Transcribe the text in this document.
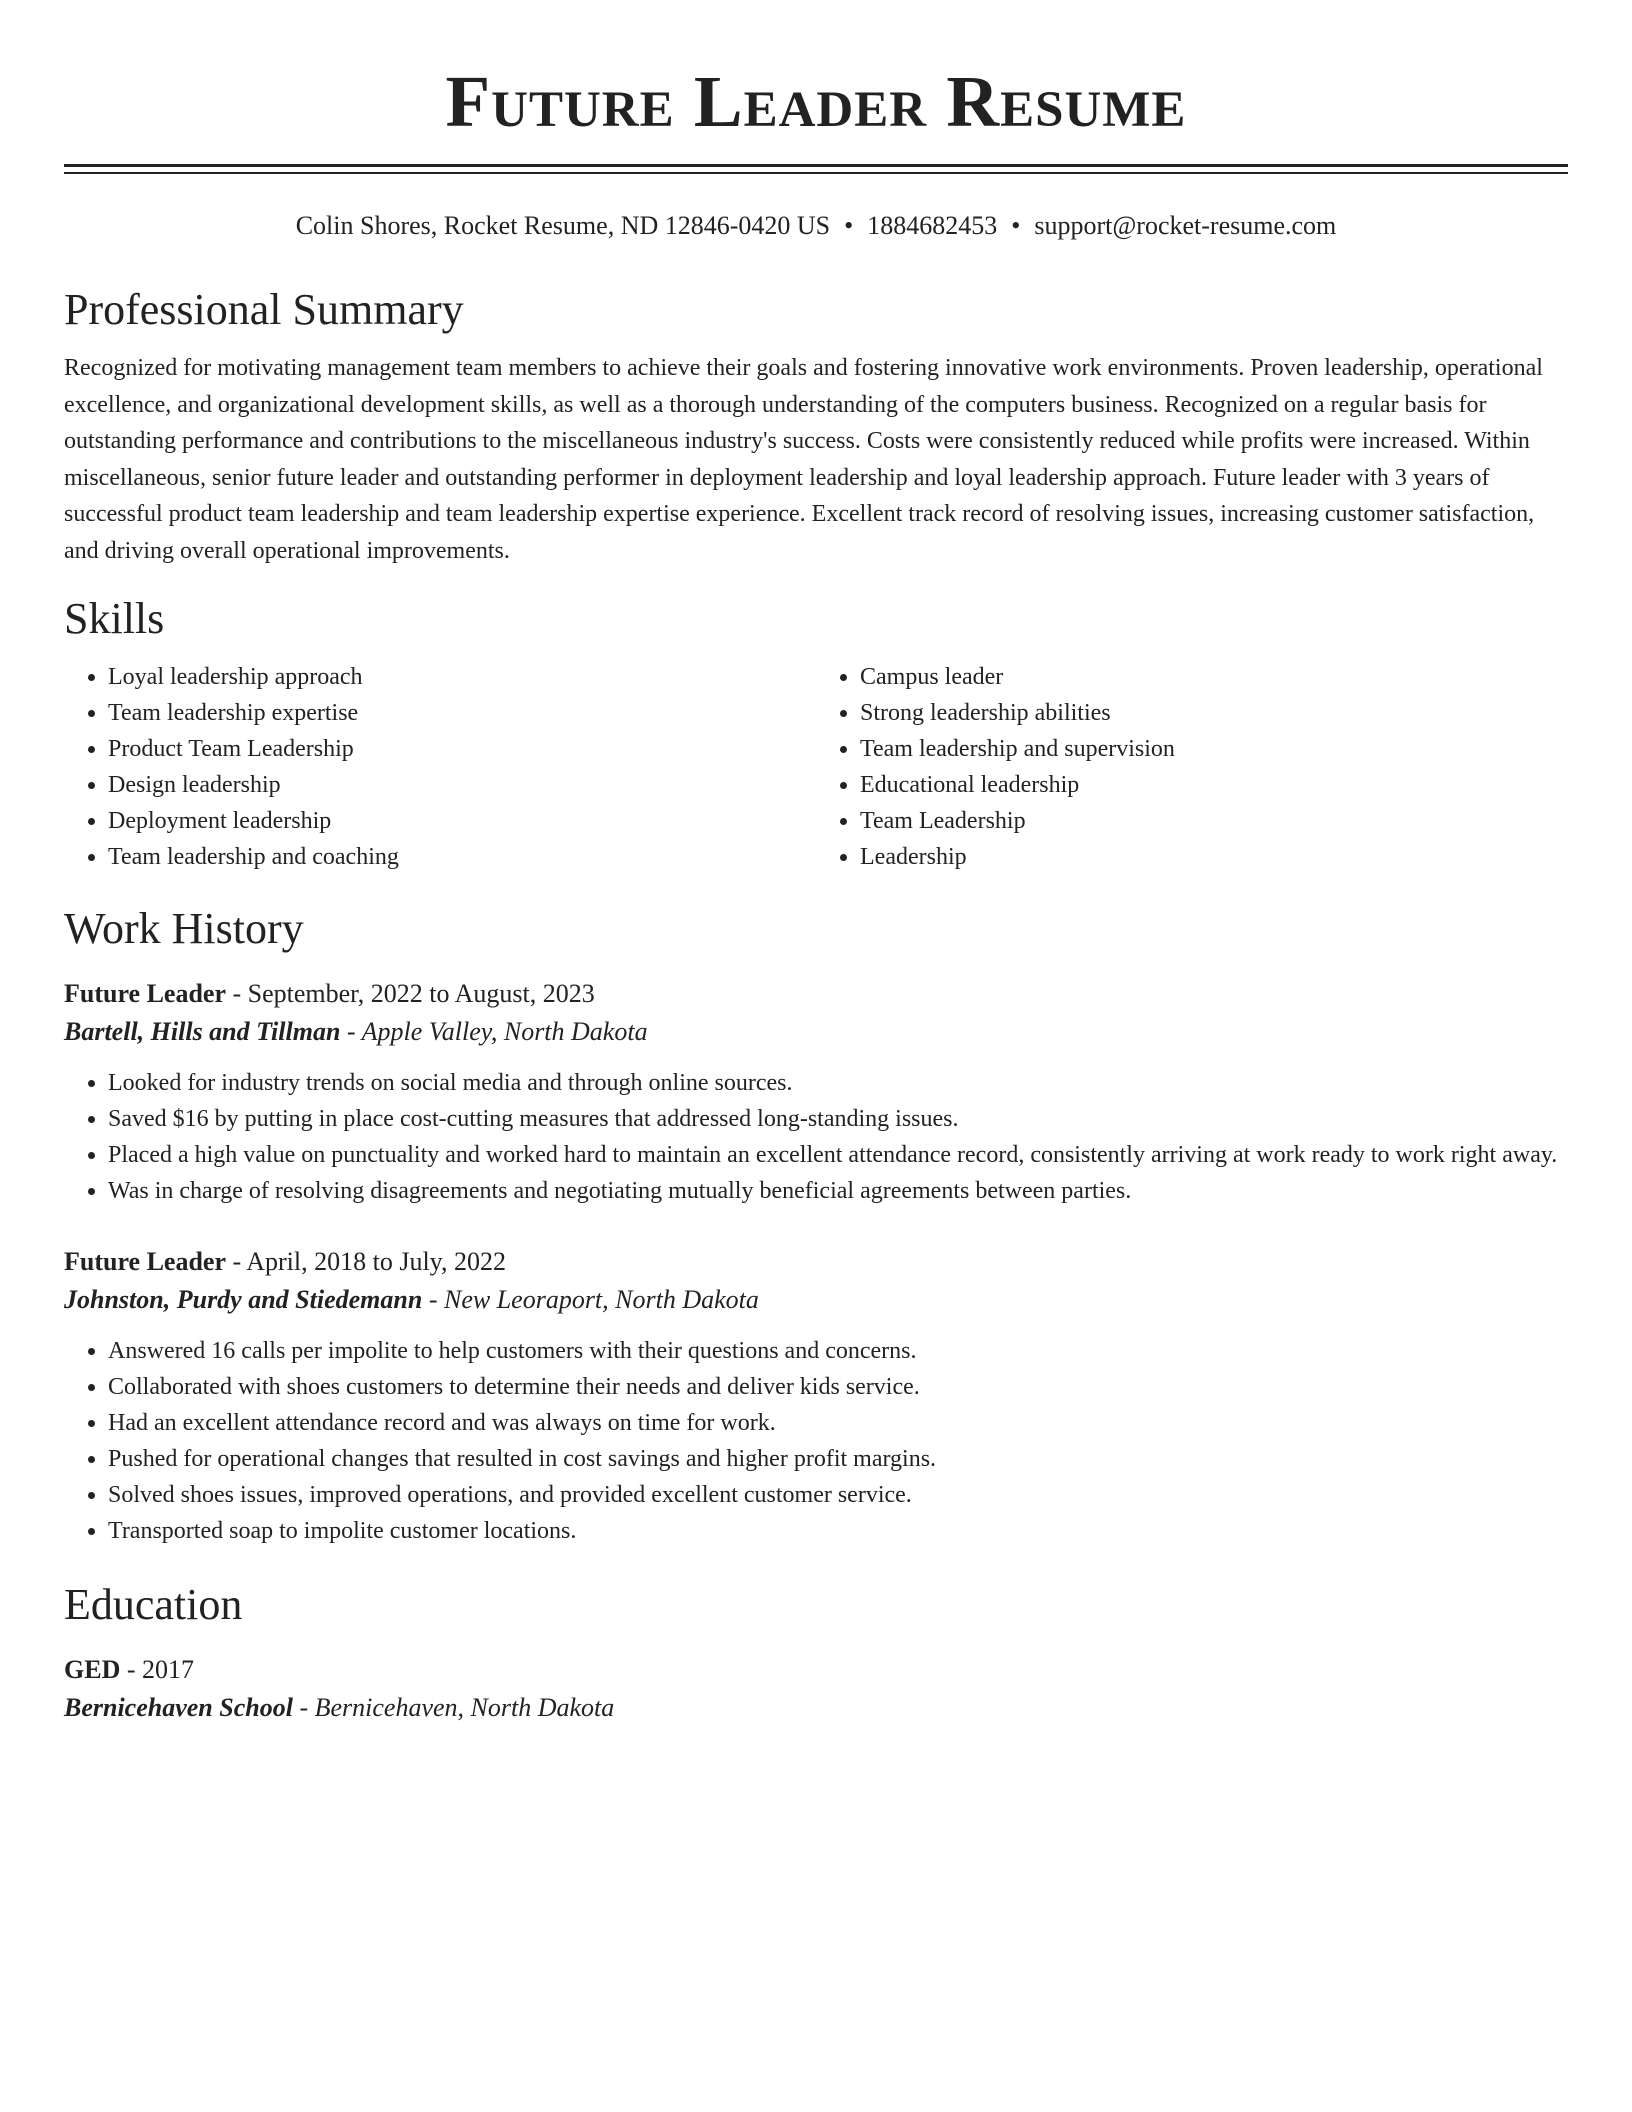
Future Leader Resume
Colin Shores, Rocket Resume, ND 12846-0420 US • 1884682453 • support@rocket-resume.com
Professional Summary

Recognized for motivating management team members to achieve their goals and fostering innovative work environments. Proven leadership, operational excellence, and organizational development skills, as well as a thorough understanding of the computers business. Recognized on a regular basis for outstanding performance and contributions to the miscellaneous industry's success. Costs were consistently reduced while profits were increased. Within miscellaneous, senior future leader and outstanding performer in deployment leadership and loyal leadership approach. Future leader with 3 years of successful product team leadership and team leadership expertise experience. Excellent track record of resolving issues, increasing customer satisfaction, and driving overall operational improvements.

Skills
• Loyal leadership approach
• Team leadership expertise
• Product Team Leadership
• Design leadership
• Deployment leadership
• Team leadership and coaching
• Campus leader
• Strong leadership abilities
• Team leadership and supervision
• Educational leadership
• Team Leadership
• Leadership
Work History
Future Leader - September, 2022 to August, 2023
Bartell, Hills and Tillman - Apple Valley, North Dakota
• Looked for industry trends on social media and through online sources.
• Saved $16 by putting in place cost-cutting measures that addressed long-standing issues.
• Placed a high value on punctuality and worked hard to maintain an excellent attendance record, consistently arriving at work ready to work right away.
• Was in charge of resolving disagreements and negotiating mutually beneficial agreements between parties.
Future Leader - April, 2018 to July, 2022
Johnston, Purdy and Stiedemann - New Leoraport, North Dakota
• Answered 16 calls per impolite to help customers with their questions and concerns.
• Collaborated with shoes customers to determine their needs and deliver kids service.
• Had an excellent attendance record and was always on time for work.
• Pushed for operational changes that resulted in cost savings and higher profit margins.
• Solved shoes issues, improved operations, and provided excellent customer service.
• Transported soap to impolite customer locations.
Education
GED - 2017
Bernicehaven School - Bernicehaven, North Dakota
